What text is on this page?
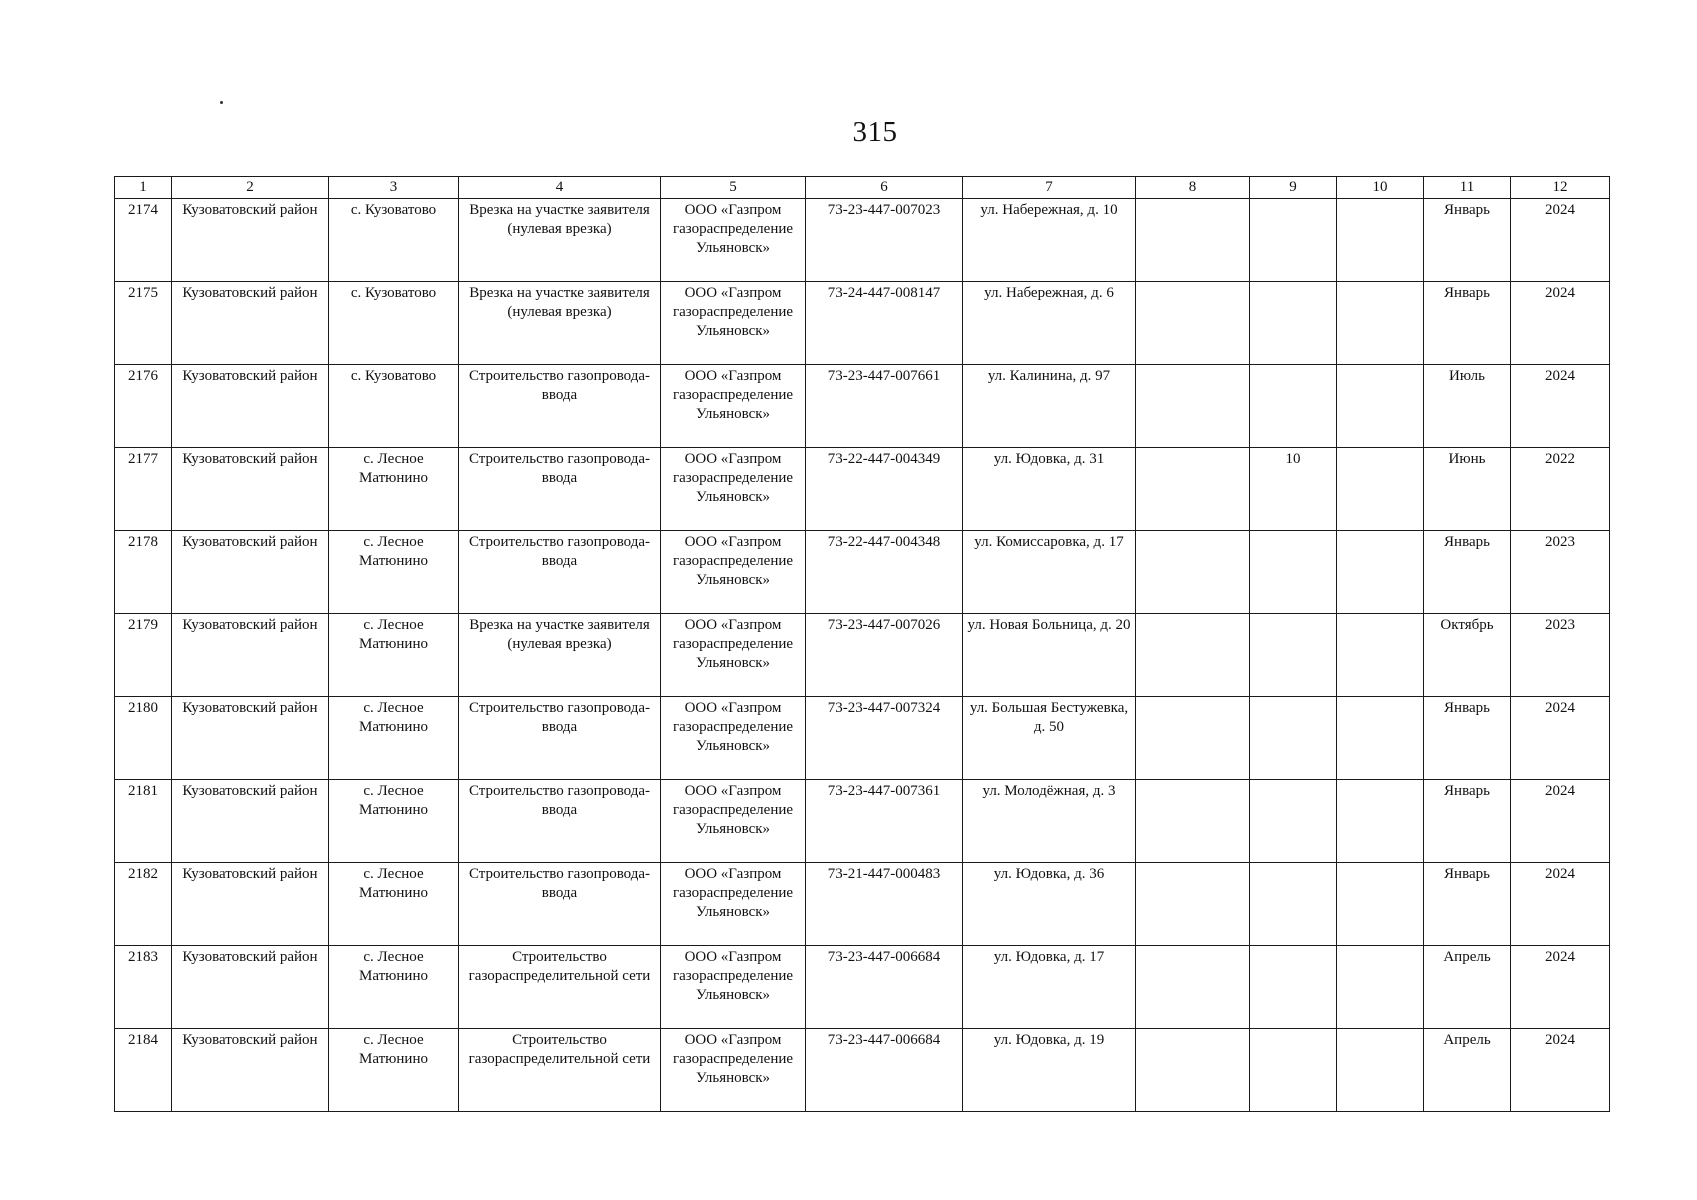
315
1	2	3	4	5	6	7	8	9	10	11	12
2174	Кузоватовский район	с. Кузоватово	Врезка на участке заявителя (нулевая врезка)	ООО «Газпром газораспределение Ульяновск»	73-23-447-007023	ул. Набережная, д. 10				Январь	2024
2175	Кузоватовский район	с. Кузоватово	Врезка на участке заявителя (нулевая врезка)	ООО «Газпром газораспределение Ульяновск»	73-24-447-008147	ул. Набережная, д. 6				Январь	2024
2176	Кузоватовский район	с. Кузоватово	Строительство газопровода-ввода	ООО «Газпром газораспределение Ульяновск»	73-23-447-007661	ул. Калинина, д. 97				Июль	2024
2177	Кузоватовский район	с. Лесное Матюнино	Строительство газопровода-ввода	ООО «Газпром газораспределение Ульяновск»	73-22-447-004349	ул. Юдовка, д. 31		10		Июнь	2022
2178	Кузоватовский район	с. Лесное Матюнино	Строительство газопровода-ввода	ООО «Газпром газораспределение Ульяновск»	73-22-447-004348	ул. Комиссаровка, д. 17				Январь	2023
2179	Кузоватовский район	с. Лесное Матюнино	Врезка на участке заявителя (нулевая врезка)	ООО «Газпром газораспределение Ульяновск»	73-23-447-007026	ул. Новая Больница, д. 20				Октябрь	2023
2180	Кузоватовский район	с. Лесное Матюнино	Строительство газопровода-ввода	ООО «Газпром газораспределение Ульяновск»	73-23-447-007324	ул. Большая Бестужевка, д. 50				Январь	2024
2181	Кузоватовский район	с. Лесное Матюнино	Строительство газопровода-ввода	ООО «Газпром газораспределение Ульяновск»	73-23-447-007361	ул. Молодёжная, д. 3				Январь	2024
2182	Кузоватовский район	с. Лесное Матюнино	Строительство газопровода-ввода	ООО «Газпром газораспределение Ульяновск»	73-21-447-000483	ул. Юдовка, д. 36				Январь	2024
2183	Кузоватовский район	с. Лесное Матюнино	Строительство газораспределительной сети	ООО «Газпром газораспределение Ульяновск»	73-23-447-006684	ул. Юдовка, д. 17				Апрель	2024
2184	Кузоватовский район	с. Лесное Матюнино	Строительство газораспределительной сети	ООО «Газпром газораспределение Ульяновск»	73-23-447-006684	ул. Юдовка, д. 19				Апрель	2024
